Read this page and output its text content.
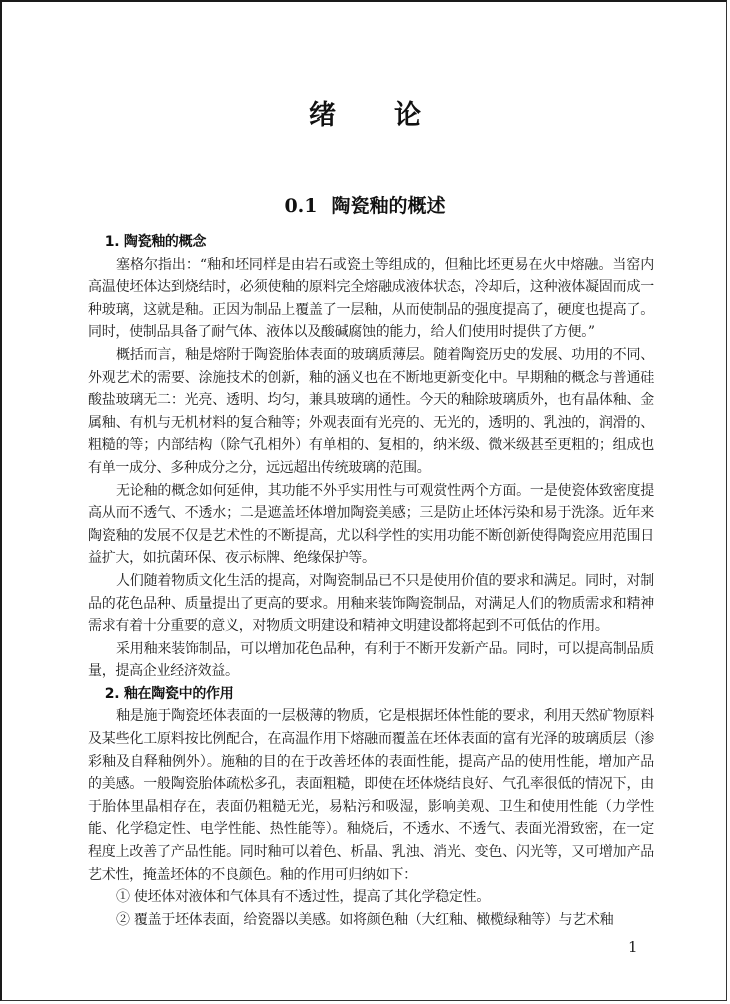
绪 论
0.1 陶瓷釉的概述
1. 陶瓷釉的概念

塞格尔指出：“釉和坯同样是由岩石或瓷土等组成的，但釉比坯更易在火中熔融。当窑内高温使坯体达到烧结时，必须使釉的原料完全熔融成液体状态，冷却后，这种液体凝固而成一种玻璃，这就是釉。正因为制品上覆盖了一层釉，从而使制品的强度提高了，硬度也提高了。同时，使制品具备了耐气体、液体以及酸碱腐蚀的能力，给人们使用时提供了方便。”

概括而言，釉是熔附于陶瓷胎体表面的玻璃质薄层。随着陶瓷历史的发展、功用的不同、外观艺术的需要、涂施技术的创新，釉的涵义也在不断地更新变化中。早期釉的概念与普通硅酸盐玻璃无二：光亮、透明、均匀，兼具玻璃的通性。今天的釉除玻璃质外，也有晶体釉、金属釉、有机与无机材料的复合釉等；外观表面有光亮的、无光的，透明的、乳浊的，润滑的、粗糙的等；内部结构（除气孔相外）有单相的、复相的，纳米级、微米级甚至更粗的；组成也有单一成分、多种成分之分，远远超出传统玻璃的范围。

无论釉的概念如何延伸，其功能不外乎实用性与可观赏性两个方面。一是使瓷体致密度提高从而不透气、不透水；二是遮盖坯体增加陶瓷美感；三是防止坯体污染和易于洗涤。近年来陶瓷釉的发展不仅是艺术性的不断提高，尤以科学性的实用功能不断创新使得陶瓷应用范围日益扩大，如抗菌环保、夜示标牌、绝缘保护等。

人们随着物质文化生活的提高，对陶瓷制品已不只是使用价值的要求和满足。同时，对制品的花色品种、质量提出了更高的要求。用釉来装饰陶瓷制品，对满足人们的物质需求和精神需求有着十分重要的意义，对物质文明建设和精神文明建设都将起到不可低估的作用。

采用釉来装饰制品，可以增加花色品种，有利于不断开发新产品。同时，可以提高制品质量，提高企业经济效益。

2. 釉在陶瓷中的作用

釉是施于陶瓷坯体表面的一层极薄的物质，它是根据坯体性能的要求，利用天然矿物原料及某些化工原料按比例配合，在高温作用下熔融而覆盖在坯体表面的富有光泽的玻璃质层（渗彩釉及自释釉例外）。施釉的目的在于改善坯体的表面性能，提高产品的使用性能，增加产品的美感。一般陶瓷胎体疏松多孔，表面粗糙，即使在坯体烧结良好、气孔率很低的情况下，由于胎体里晶相存在，表面仍粗糙无光，易粘污和吸湿，影响美观、卫生和使用性能（力学性能、化学稳定性、电学性能、热性能等）。釉烧后，不透水、不透气、表面光滑致密，在一定程度上改善了产品性能。同时釉可以着色、析晶、乳浊、消光、变色、闪光等，又可增加产品艺术性，掩盖坯体的不良颜色。釉的作用可归纳如下：

① 使坯体对液体和气体具有不透过性，提高了其化学稳定性。

② 覆盖于坯体表面，给瓷器以美感。如将颜色釉（大红釉、橄榄绿釉等）与艺术釉

1
